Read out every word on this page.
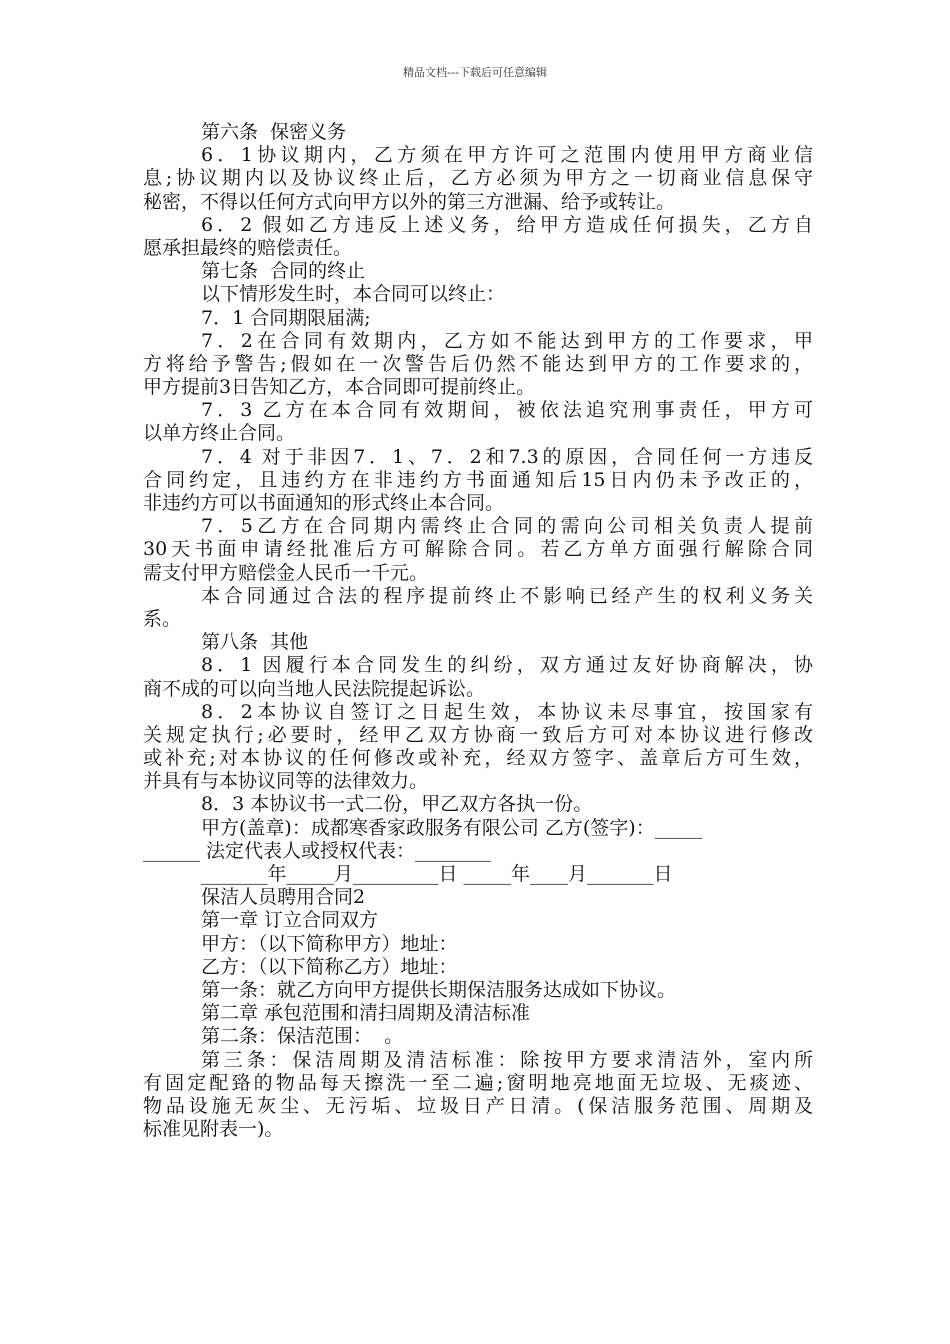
精品文档---下载后可任意编辑
第六条  保密义务
6．1协议期内，乙方须在甲方许可之范围内使用甲方商业信
息;协议期内以及协议终止后，乙方必须为甲方之一切商业信息保守
秘密，不得以任何方式向甲方以外的第三方泄漏、给予或转让。
6．2 假如乙方违反上述义务，给甲方造成任何损失，乙方自
愿承担最终的赔偿责任。
第七条  合同的终止
以下情形发生时，本合同可以终止：
7．1 合同期限届满;
7．2在合同有效期内，乙方如不能达到甲方的工作要求，甲
方将给予警告;假如在一次警告后仍然不能达到甲方的工作要求的，
甲方提前3日告知乙方，本合同即可提前终止。
7．3 乙方在本合同有效期间，被依法追究刑事责任，甲方可
以单方终止合同。
7．4 对于非因7．1、7．2和7.3的原因，合同任何一方违反
合同约定，且违约方在非违约方书面通知后15日内仍未予改正的，
非违约方可以书面通知的形式终止本合同。
7．5乙方在合同期内需终止合同的需向公司相关负责人提前
30天书面申请经批准后方可解除合同。若乙方单方面强行解除合同
需支付甲方赔偿金人民币一千元。
本合同通过合法的程序提前终止不影响已经产生的权利义务关
系。
第八条  其他
8．1 因履行本合同发生的纠纷，双方通过友好协商解决，协
商不成的可以向当地人民法院提起诉讼。
8．2本协议自签订之日起生效，本协议未尽事宜，按国家有
关规定执行;必要时，经甲乙双方协商一致后方可对本协议进行修改
或补充;对本协议的任何修改或补充，经双方签字、盖章后方可生效，
并具有与本协议同等的法律效力。
8．3 本协议书一式二份，甲乙双方各执一份。
甲方(盖章)：成都寒香家政服务有限公司 乙方(签字)：_____
______ 法定代表人或授权代表：________
_______年_____月_________日 _____年____月_______日
保洁人员聘用合同2
第一章 订立合同双方
甲方：（以下简称甲方）地址：
乙方：（以下简称乙方）地址：
第一条：就乙方向甲方提供长期保洁服务达成如下协议。
第二章 承包范围和清扫周期及清洁标准
第二条：保洁范围：  。
第三条：保洁周期及清洁标准：除按甲方要求清洁外，室内所
有固定配臵的物品每天擦洗一至二遍;窗明地亮地面无垃圾、无痰迹、
物品设施无灰尘、无污垢、垃圾日产日清。(保洁服务范围、周期及
标准见附表一)。
